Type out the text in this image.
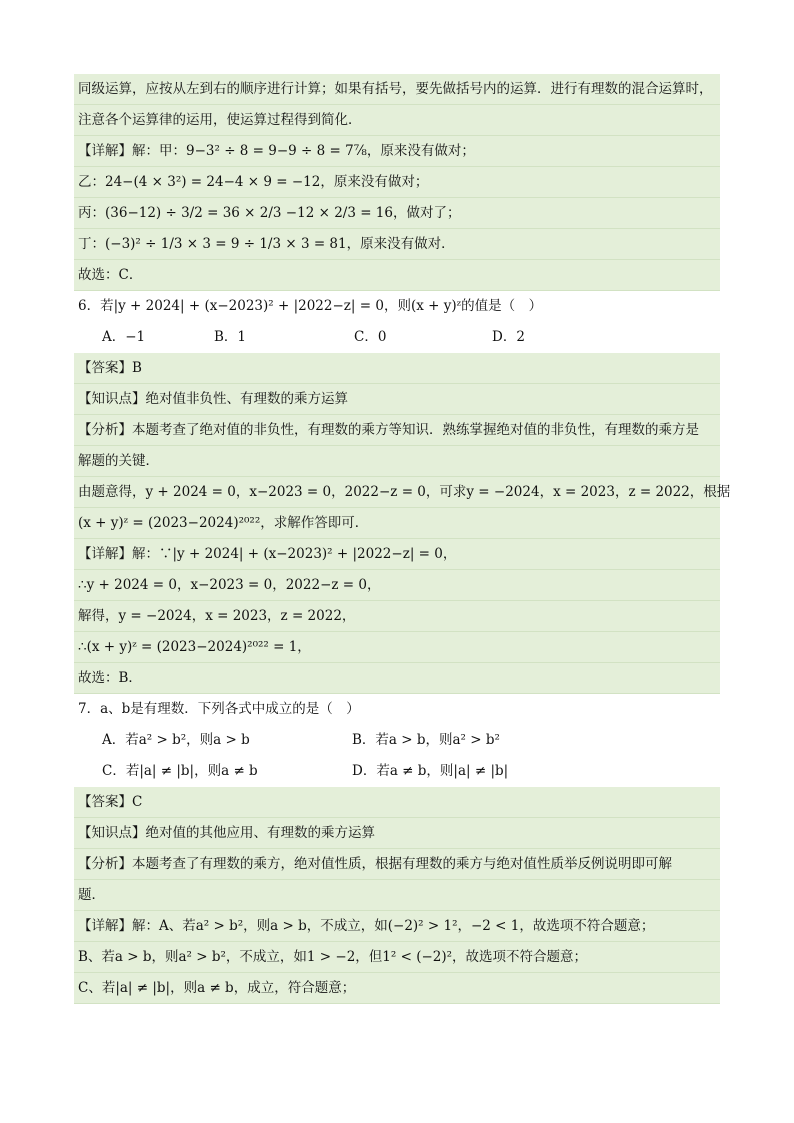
同级运算，应按从左到右的顺序进行计算；如果有括号，要先做括号内的运算．进行有理数的混合运算时，
注意各个运算律的运用，使运算过程得到简化．
【详解】解：甲：9−3² ÷ 8 = 9−9 ÷ 8 = 7⅞，原来没有做对；
乙：24−(4 × 3²) = 24−4 × 9 = −12，原来没有做对；
丙：(36−12) ÷ 3/2 = 36 × 2/3 −12 × 2/3 = 16，做对了；
丁：(−3)² ÷ 1/3 × 3 = 9 ÷ 1/3 × 3 = 81，原来没有做对．
故选：C．
6．若|y + 2024| + (x−2023)² + |2022−z| = 0，则(x + y)ᶻ的值是（　）
A．−1	B．1	C．0	D．2
【答案】B
【知识点】绝对值非负性、有理数的乘方运算
【分析】本题考查了绝对值的非负性，有理数的乘方等知识．熟练掌握绝对值的非负性，有理数的乘方是
解题的关键．
由题意得，y + 2024 = 0，x−2023 = 0，2022−z = 0，可求y = −2024，x = 2023，z = 2022，根据
(x + y)ᶻ = (2023−2024)²⁰²²，求解作答即可．
【详解】解：∵|y + 2024| + (x−2023)² + |2022−z| = 0，
∴y + 2024 = 0，x−2023 = 0，2022−z = 0，
解得，y = −2024，x = 2023，z = 2022，
∴(x + y)ᶻ = (2023−2024)²⁰²² = 1，
故选：B．
7．a、b是有理数．下列各式中成立的是（　）
A．若a² > b²，则a > b	B．若a > b，则a² > b²
C．若|a| ≠ |b|，则a ≠ b	D．若a ≠ b，则|a| ≠ |b|
【答案】C
【知识点】绝对值的其他应用、有理数的乘方运算
【分析】本题考查了有理数的乘方，绝对值性质，根据有理数的乘方与绝对值性质举反例说明即可解
题．
【详解】解：A、若a² > b²，则a > b，不成立，如(−2)² > 1²，−2 < 1，故选项不符合题意；
B、若a > b，则a² > b²，不成立，如1 > −2，但1² < (−2)²，故选项不符合题意；
C、若|a| ≠ |b|，则a ≠ b，成立，符合题意；
